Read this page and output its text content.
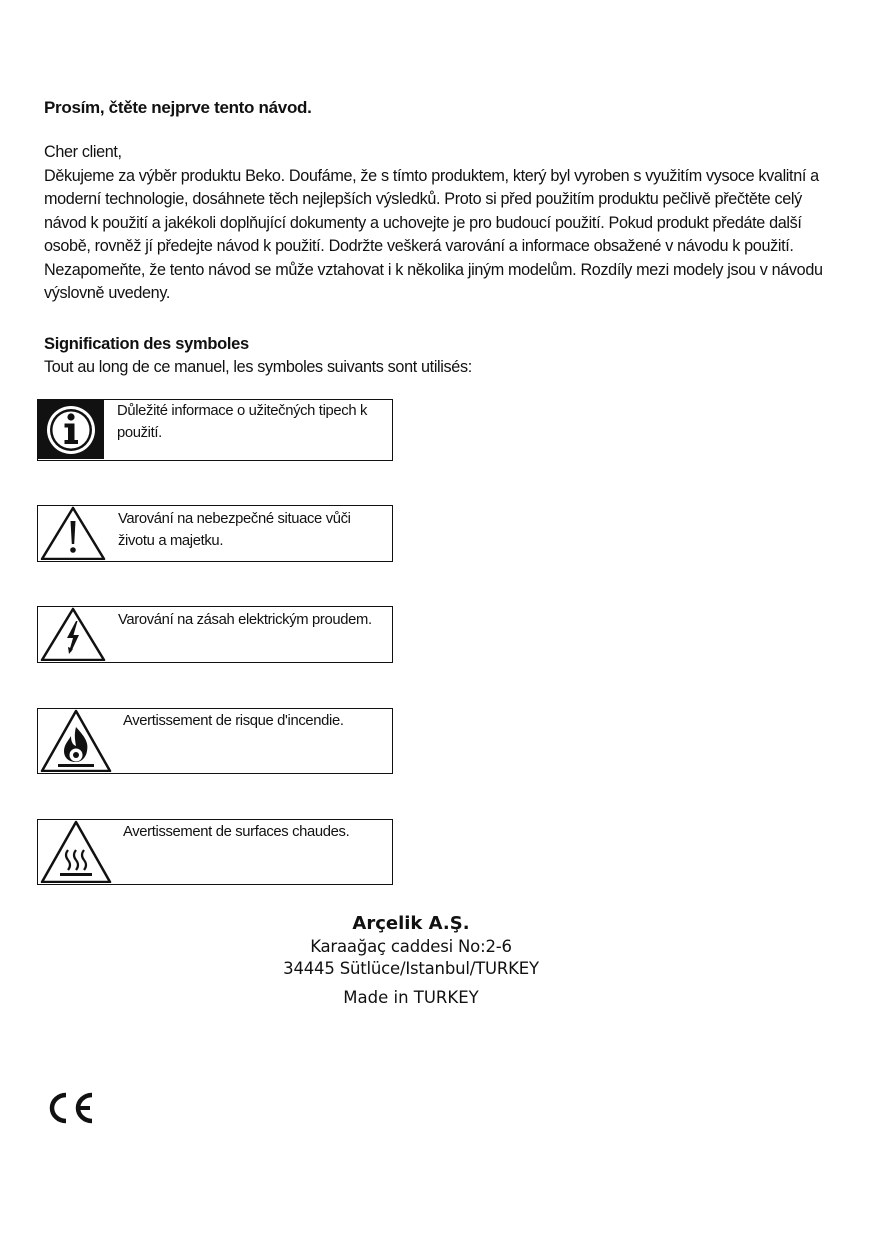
Prosím, čtěte nejprve tento návod.

Cher client,

Děkujeme za výběr produktu Beko. Doufáme, že s tímto produktem, který byl vyroben s využitím vysoce kvalitní a moderní technologie, dosáhnete těch nejlepších výsledků. Proto si před použitím produktu pečlivě přečtěte celý návod k použití a jakékoli doplňující dokumenty a uchovejte je pro budoucí použití. Pokud produkt předáte další osobě, rovněž jí předejte návod k použití. Dodržte veškerá varování a informace obsažené v návodu k použití.

Nezapomeňte, že tento návod se může vztahovat i k několika jiným modelům. Rozdíly mezi modely jsou v návodu výslovně uvedeny.

Signification des symboles
Tout au long de ce manuel, les symboles suivants sont utilisés:
Důležité informace o užitečných tipech k použití.
Varování na nebezpečné situace vůči životu a majetku.
Varování na zásah elektrickým proudem.
Avertissement de risque d'incendie.
Avertissement de surfaces chaudes.
Arçelik A.Ş.
Karaağaç caddesi No:2-6
34445 Sütlüce/Istanbul/TURKEY
Made in TURKEY
